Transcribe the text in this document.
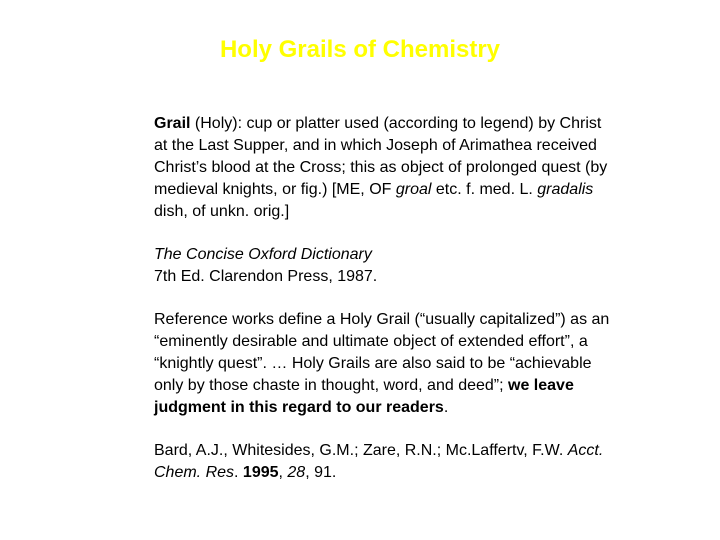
Holy Grails of Chemistry

Grail (Holy): cup or platter used (according to legend) by Christ at the Last Supper, and in which Joseph of Arimathea received Christ’s blood at the Cross; this as object of prolonged quest (by medieval knights, or fig.) [ME, OF groal etc. f. med. L. gradalis dish, of unkn. orig.]

The Concise Oxford Dictionary
7th Ed. Clarendon Press, 1987.

Reference works define a Holy Grail (“usually capitalized”) as an “eminently desirable and ultimate object of extended effort”, a “knightly quest”. … Holy Grails are also said to be “achievable only by those chaste in thought, word, and deed”; we leave judgment in this regard to our readers.

Bard, A.J., Whitesides, G.M.; Zare, R.N.; Mc.Laffertv, F.W. Acct. Chem. Res. 1995, 28, 91.
